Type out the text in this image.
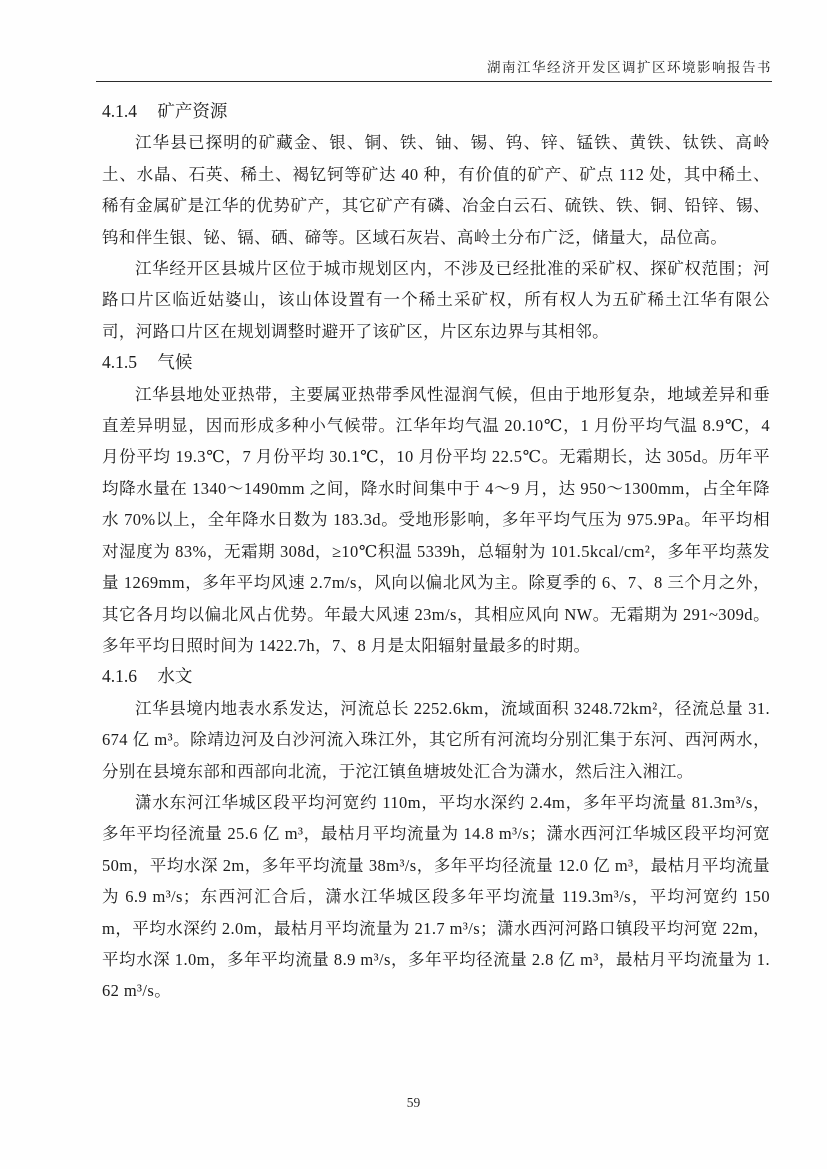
湖南江华经济开发区调扩区环境影响报告书
4.1.4 矿产资源

江华县已探明的矿藏金、银、铜、铁、铀、锡、钨、锌、锰铁、黄铁、钛铁、高岭土、水晶、石英、稀土、褐钇钶等矿达 40 种，有价值的矿产、矿点 112 处，其中稀土、稀有金属矿是江华的优势矿产，其它矿产有磷、冶金白云石、硫铁、铁、铜、铅锌、锡、钨和伴生银、铋、镉、硒、碲等。区域石灰岩、高岭土分布广泛，储量大，品位高。

江华经开区县城片区位于城市规划区内，不涉及已经批准的采矿权、探矿权范围；河路口片区临近姑婆山，该山体设置有一个稀土采矿权，所有权人为五矿稀土江华有限公司，河路口片区在规划调整时避开了该矿区，片区东边界与其相邻。

4.1.5 气候

江华县地处亚热带，主要属亚热带季风性湿润气候，但由于地形复杂，地域差异和垂直差异明显，因而形成多种小气候带。江华年均气温 20.10℃，1 月份平均气温 8.9℃，4 月份平均 19.3℃，7 月份平均 30.1℃，10 月份平均 22.5℃。无霜期长，达 305d。历年平均降水量在 1340～1490mm 之间，降水时间集中于 4～9 月，达 950～1300mm，占全年降水 70%以上，全年降水日数为 183.3d。受地形影响，多年平均气压为 975.9Pa。年平均相对湿度为 83%，无霜期 308d，≥10℃积温 5339h，总辐射为 101.5kcal/cm²，多年平均蒸发量 1269mm，多年平均风速 2.7m/s，风向以偏北风为主。除夏季的 6、7、8 三个月之外，其它各月均以偏北风占优势。年最大风速 23m/s，其相应风向 NW。无霜期为 291~309d。多年平均日照时间为 1422.7h，7、8 月是太阳辐射量最多的时期。

4.1.6 水文

江华县境内地表水系发达，河流总长 2252.6km，流域面积 3248.72km²，径流总量 31.674 亿 m³。除靖边河及白沙河流入珠江外，其它所有河流均分别汇集于东河、西河两水，分别在县境东部和西部向北流，于沱江镇鱼塘坡处汇合为潇水，然后注入湘江。

潇水东河江华城区段平均河宽约 110m，平均水深约 2.4m，多年平均流量 81.3m³/s，多年平均径流量 25.6 亿 m³，最枯月平均流量为 14.8 m³/s；潇水西河江华城区段平均河宽 50m，平均水深 2m，多年平均流量 38m³/s，多年平均径流量 12.0 亿 m³，最枯月平均流量为 6.9 m³/s；东西河汇合后，潇水江华城区段多年平均流量 119.3m³/s，平均河宽约 150m，平均水深约 2.0m，最枯月平均流量为 21.7 m³/s；潇水西河河路口镇段平均河宽 22m，平均水深 1.0m，多年平均流量 8.9 m³/s，多年平均径流量 2.8 亿 m³，最枯月平均流量为 1.62 m³/s。

59
